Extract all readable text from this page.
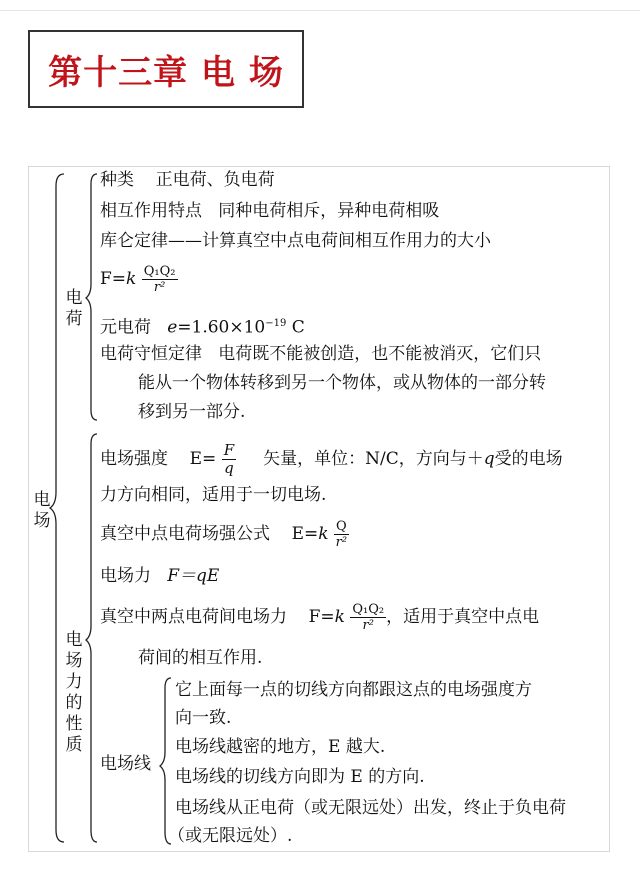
第十三章 电 场
电场
电荷
种类 正电荷、负电荷
相互作用特点 同种电荷相斥，异种电荷相吸
库仑定律——计算真空中点电荷间相互作用力的大小
$F=k \frac{\text{Q₁Q₂}}{\text{r²}}$
元电荷 $e=1.60\times 10^{-19}$ C
电荷守恒定律 电荷既不能被创造，也不能被消灭，它们只
能从一个物体转移到另一个物体，或从物体的一部分转
移到另一部分.
电场力的性质
电场强度 $E= \frac{F}{q}$ 矢量，单位：N/C，方向与＋q受的电场
力方向相同，适用于一切电场.
真空中点电荷场强公式 $E=k \frac{Q}{\text{r²}}$
电场力 F＝qE
真空中两点电荷间电场力 $F=k \frac{\text{Q₁Q₂}}{\text{r²}}$ ，适用于真空中点电
荷间的相互作用.
电场线
它上面每一点的切线方向都跟这点的电场强度方
向一致.
电场线越密的地方，E 越大.
电场线的切线方向即为 E 的方向.
电场线从正电荷（或无限远处）出发，终止于负电荷
（或无限远处）.
